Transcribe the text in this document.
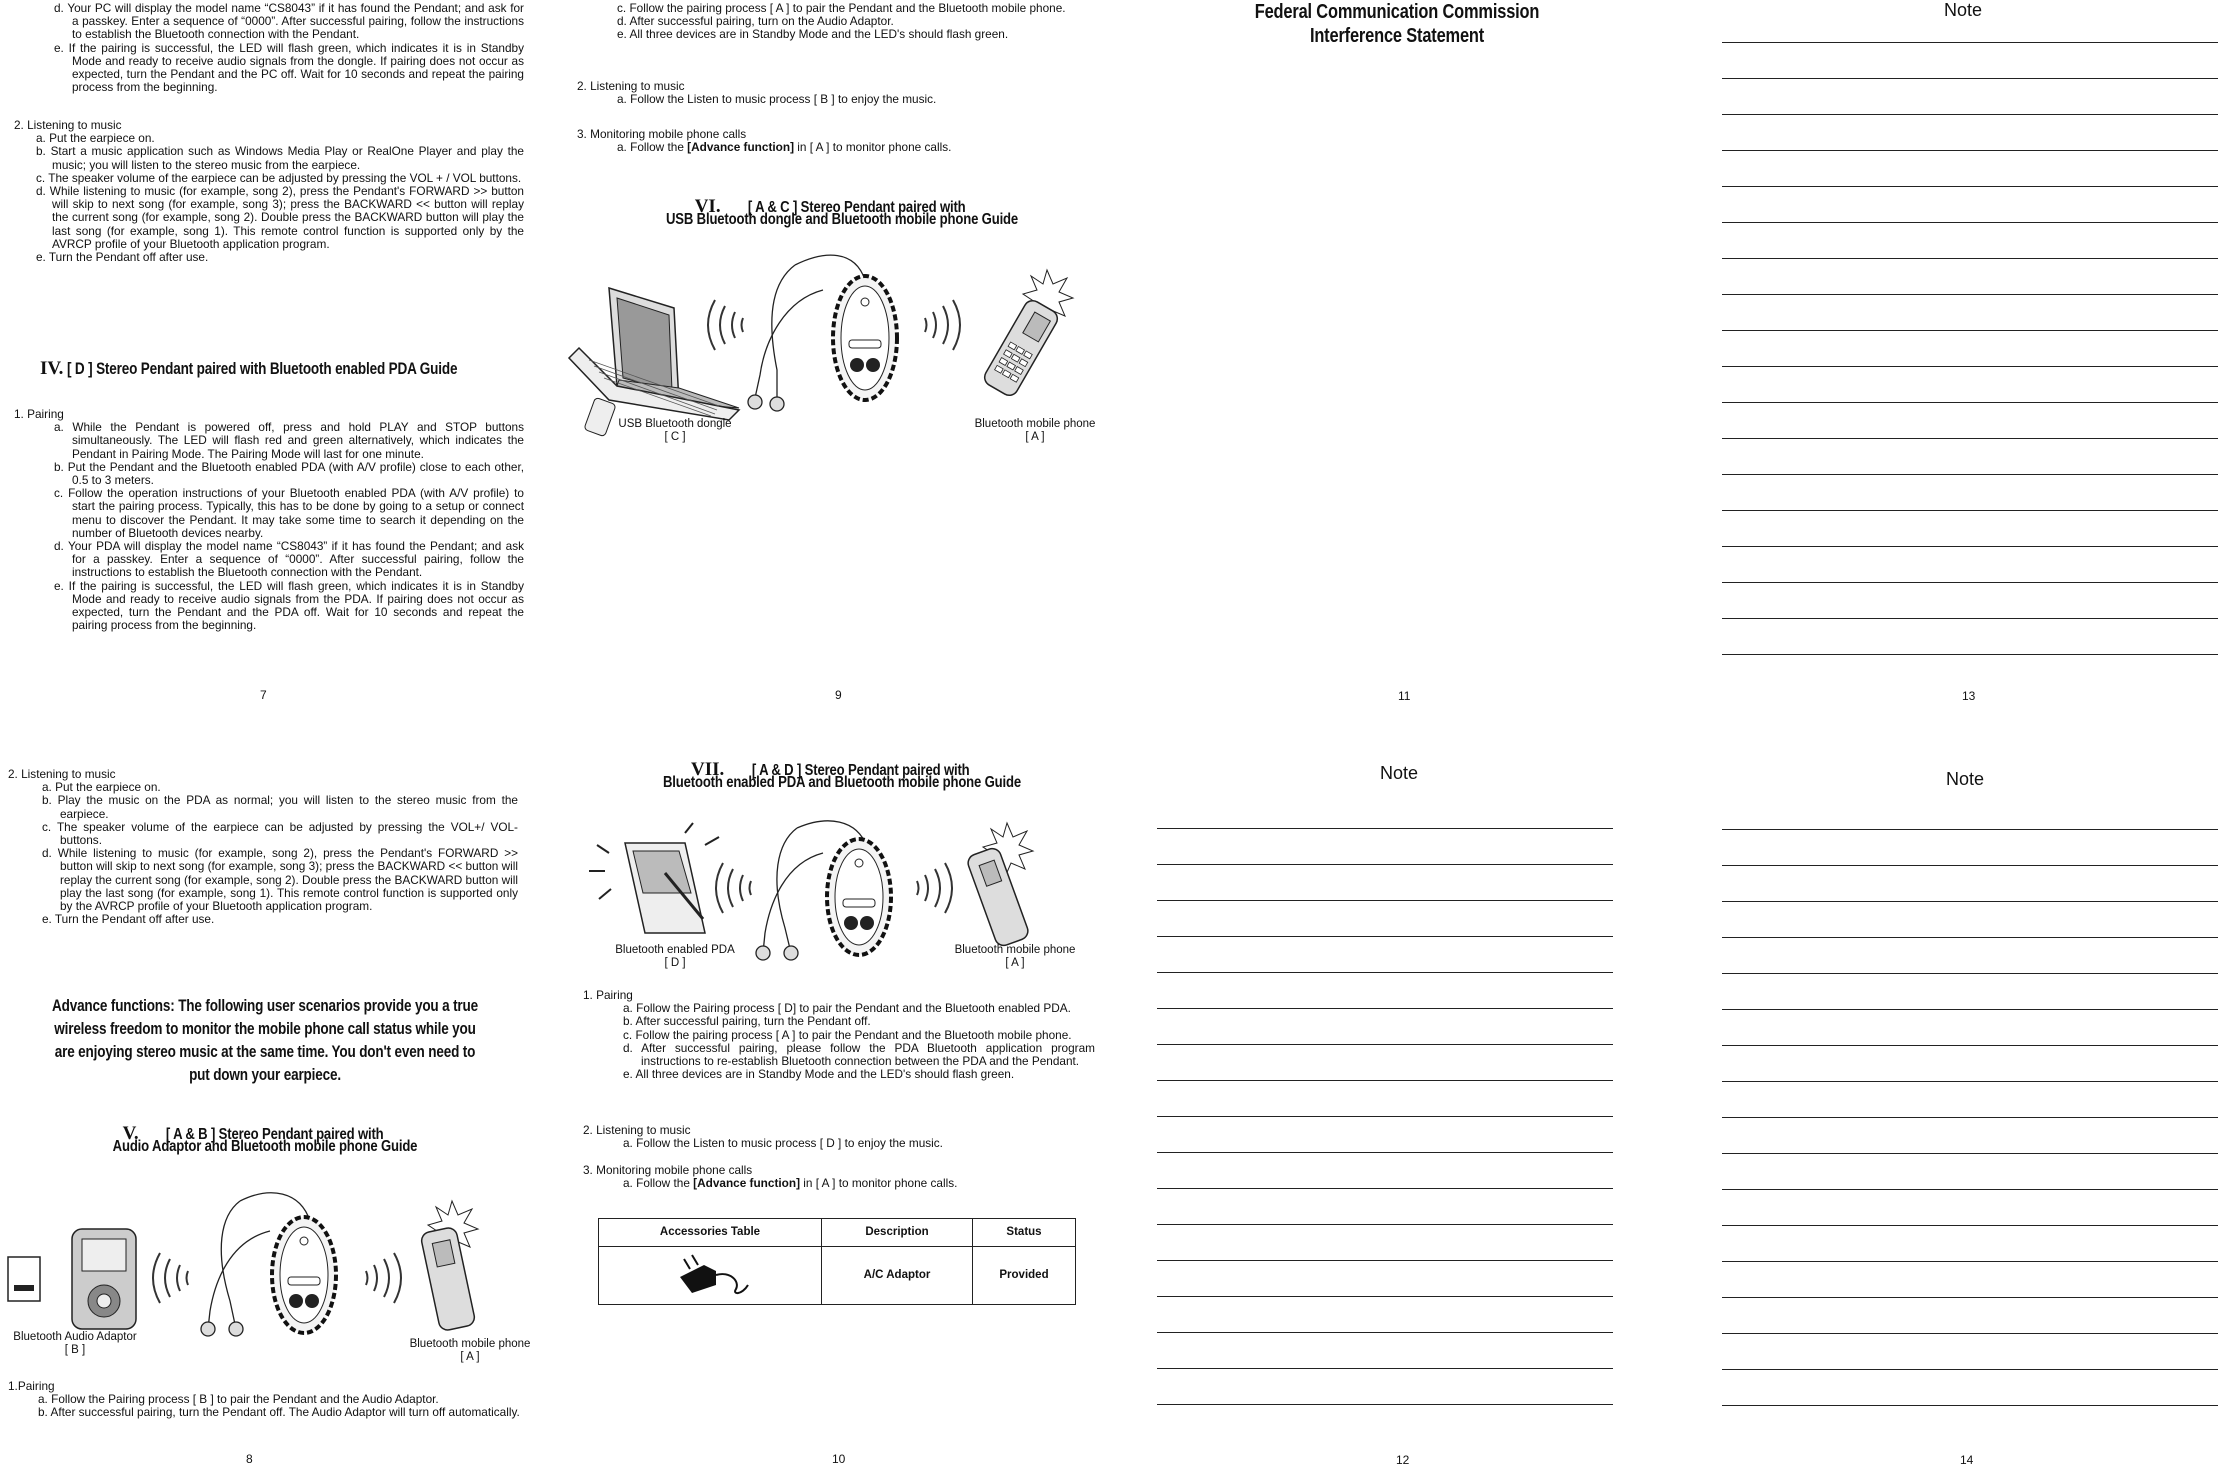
d. Your PC will display the model name “CS8043” if it has found the Pendant; and ask for a passkey. Enter a sequence of “0000”. After successful pairing, follow the instructions to establish the Bluetooth connection with the Pendant.

e. If the pairing is successful, the LED will flash green, which indicates it is in Standby Mode and ready to receive audio signals from the dongle. If pairing does not occur as expected, turn the Pendant and the PC off. Wait for 10 seconds and repeat the pairing process from the beginning.

2. Listening to music

a. Put the earpiece on.

b. Start a music application such as Windows Media Play or RealOne Player and play the music; you will listen to the stereo music from the earpiece.

c. The speaker volume of the earpiece can be adjusted by pressing the VOL + / VOL buttons.

d. While listening to music (for example, song 2), press the Pendant's FORWARD >> button will skip to next song (for example, song 3); press the BACKWARD << button will replay the current song (for example, song 2). Double press the BACKWARD button will play the last song (for example, song 1). This remote control function is supported only by the AVRCP profile of your Bluetooth application program.

e. Turn the Pendant off after use.

IV. [ D ] Stereo Pendant paired with Bluetooth enabled PDA Guide

1. Pairing

a. While the Pendant is powered off, press and hold PLAY and STOP buttons simultaneously. The LED will flash red and green alternatively, which indicates the Pendant in Pairing Mode. The Pairing Mode will last for one minute.

b. Put the Pendant and the Bluetooth enabled PDA (with A/V profile) close to each other, 0.5 to 3 meters.

c. Follow the operation instructions of your Bluetooth enabled PDA (with A/V profile) to start the pairing process. Typically, this has to be done by going to a setup or connect menu to discover the Pendant. It may take some time to search it depending on the number of Bluetooth devices nearby.

d. Your PDA will display the model name “CS8043” if it has found the Pendant; and ask for a passkey. Enter a sequence of “0000”. After successful pairing, follow the instructions to establish the Bluetooth connection with the Pendant.

e. If the pairing is successful, the LED will flash green, which indicates it is in Standby Mode and ready to receive audio signals from the PDA. If pairing does not occur as expected, turn the Pendant and the PDA off. Wait for 10 seconds and repeat the pairing process from the beginning.

7

c. Follow the pairing process [ A ] to pair the Pendant and the Bluetooth mobile phone.

d. After successful pairing, turn on the Audio Adaptor.

e. All three devices are in Standby Mode and the LED's should flash green.

2. Listening to music

a. Follow the Listen to music process [ B ] to enjoy the music.

3. Monitoring mobile phone calls

a. Follow the [Advance function] in [ A ] to monitor phone calls.

VI. [ A & C ] Stereo Pendant paired with
USB Bluetooth dongle and Bluetooth mobile phone Guide
USB Bluetooth dongle
[ C ]
Bluetooth mobile phone
[ A ]
9
Federal Communication Commission
Interference Statement
11
Note
13

2. Listening to music

a. Put the earpiece on.

b. Play the music on the PDA as normal; you will listen to the stereo music from the earpiece.

c. The speaker volume of the earpiece can be adjusted by pressing the VOL+/ VOL- buttons.

d. While listening to music (for example, song 2), press the Pendant's FORWARD >> button will skip to next song (for example, song 3); press the BACKWARD << button will replay the current song (for example, song 2). Double press the BACKWARD button will play the last song (for example, song 1). This remote control function is supported only by the AVRCP profile of your Bluetooth application program.

e. Turn the Pendant off after use.

Advance functions: The following user scenarios provide you a true
wireless freedom to monitor the mobile phone call status while you
are enjoying stereo music at the same time. You don't even need to
put down your earpiece.
V. [ A & B ] Stereo Pendant paired with
Audio Adaptor and Bluetooth mobile phone Guide
Bluetooth Audio Adaptor
[ B ]	Bluetooth mobile phone
[ A ]

1.Pairing

a. Follow the Pairing process [ B ] to pair the Pendant and the Audio Adaptor.

b. After successful pairing, turn the Pendant off. The Audio Adaptor will turn off automatically.

8
VII. [ A & D ] Stereo Pendant paired with
Bluetooth enabled PDA and Bluetooth mobile phone Guide
Bluetooth enabled PDA
[ D ]
Bluetooth mobile phone
[ A ]

1. Pairing

a. Follow the Pairing process [ D] to pair the Pendant and the Bluetooth enabled PDA.

b. After successful pairing, turn the Pendant off.

c. Follow the pairing process [ A ] to pair the Pendant and the Bluetooth mobile phone.

d. After successful pairing, please follow the PDA Bluetooth application program instructions to re-establish Bluetooth connection between the PDA and the Pendant.

e. All three devices are in Standby Mode and the LED's should flash green.

2. Listening to music

a. Follow the Listen to music process [ D ] to enjoy the music.

3. Monitoring mobile phone calls

a. Follow the [Advance function] in [ A ] to monitor phone calls.

Accessories Table	Description	Status
	A/C Adaptor	Provided
10
Note
12
Note
14
